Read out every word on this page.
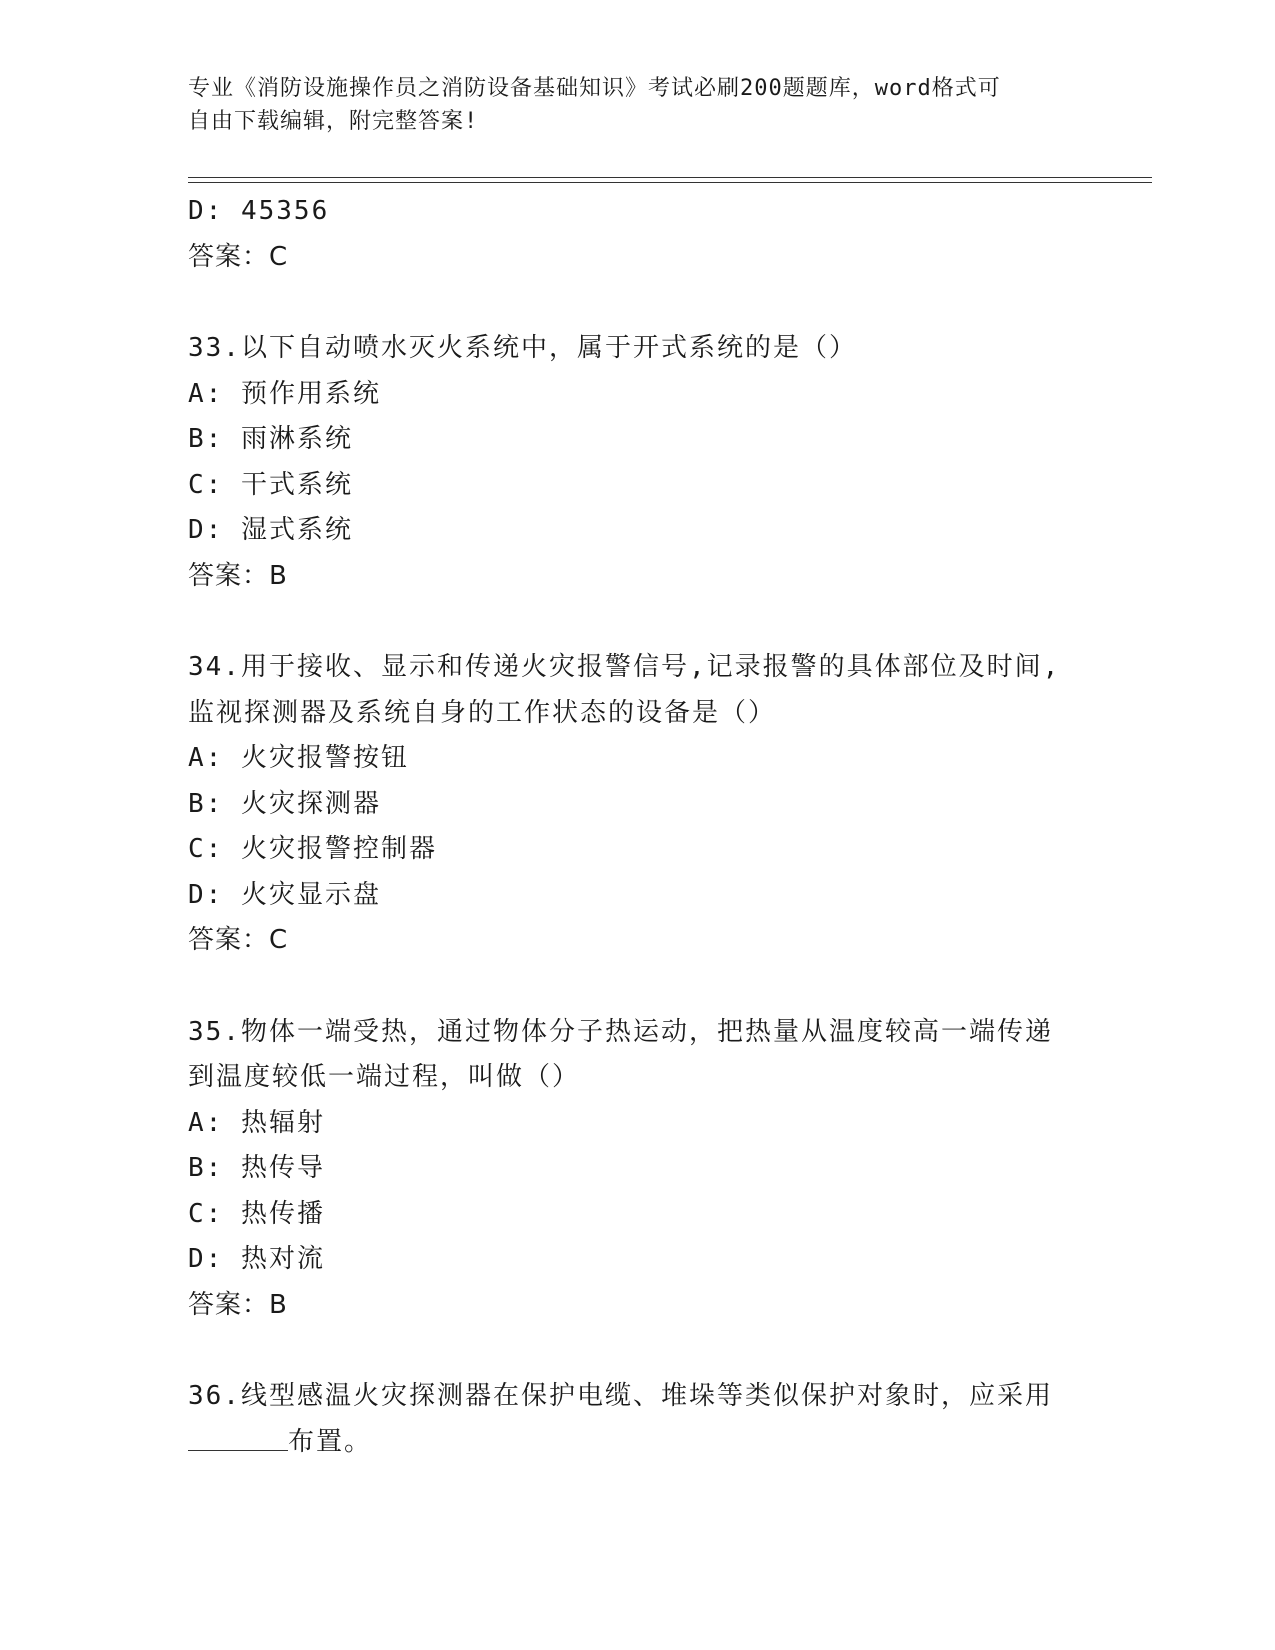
专业《消防设施操作员之消防设备基础知识》考试必刷200题题库，word格式可
自由下载编辑，附完整答案!
D: 45356
答案：C
33.以下自动喷水灭火系统中，属于开式系统的是（）
A: 预作用系统
B: 雨淋系统
C: 干式系统
D: 湿式系统
答案：B
34.用于接收、显示和传递火灾报警信号,记录报警的具体部位及时间,
监视探测器及系统自身的工作状态的设备是（）
A: 火灾报警按钮
B: 火灾探测器
C: 火灾报警控制器
D: 火灾显示盘
答案：C
35.物体一端受热，通过物体分子热运动，把热量从温度较高一端传递
到温度较低一端过程，叫做（）
A: 热辐射
B: 热传导
C: 热传播
D: 热对流
答案：B
36.线型感温火灾探测器在保护电缆、堆垛等类似保护对象时，应采用
布置。
